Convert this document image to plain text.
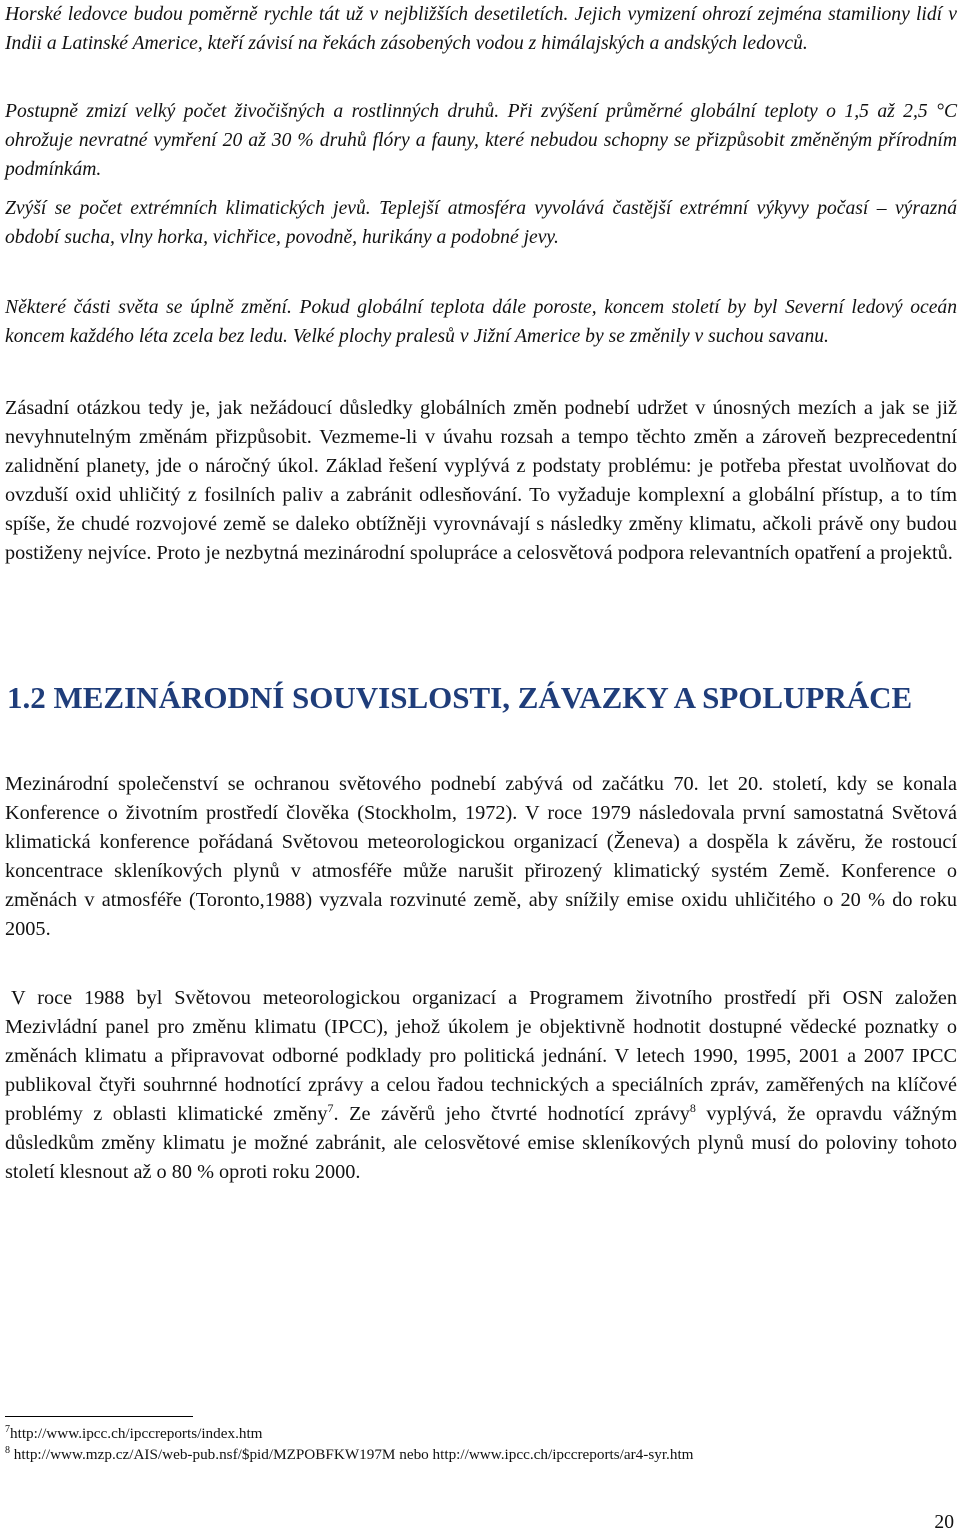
Horské ledovce budou poměrně rychle tát už v nejbližších desetiletích. Jejich vymizení ohrozí zejména stamiliony lidí v Indii a Latinské Americe, kteří závisí na řekách zásobených vodou z himálajských a andských ledovců.

Postupně zmizí velký počet živočišných a rostlinných druhů. Při zvýšení průměrné globální teploty o 1,5 až 2,5 °C ohrožuje nevratné vymření 20 až 30 % druhů flóry a fauny, které nebudou schopny se přizpůsobit změněným přírodním podmínkám.

Zvýší se počet extrémních klimatických jevů. Teplejší atmosféra vyvolává častější extrémní výkyvy počasí – výrazná období sucha, vlny horka, vichřice, povodně, hurikány a podobné jevy.

Některé části světa se úplně změní. Pokud globální teplota dále poroste, koncem století by byl Severní ledový oceán koncem každého léta zcela bez ledu. Velké plochy pralesů v Jižní Americe by se změnily v suchou savanu.

Zásadní otázkou tedy je, jak nežádoucí důsledky globálních změn podnebí udržet v únosných mezích a jak se již nevyhnutelným změnám přizpůsobit. Vezmeme-li v úvahu rozsah a tempo těchto změn a zároveň bezprecedentní zalidnění planety, jde o náročný úkol. Základ řešení vyplývá z podstaty problému: je potřeba přestat uvolňovat do ovzduší oxid uhličitý z fosilních paliv a zabránit odlesňování. To vyžaduje komplexní a globální přístup, a to tím spíše, že chudé rozvojové země se daleko obtížněji vyrovnávají s následky změny klimatu, ačkoli právě ony budou postiženy nejvíce. Proto je nezbytná mezinárodní spolupráce a celosvětová podpora relevantních opatření a projektů.

Mezinárodní společenství se ochranou světového podnebí zabývá od začátku 70. let 20. století, kdy se konala Konference o životním prostředí člověka (Stockholm, 1972). V roce 1979 následovala první samostatná Světová klimatická konference pořádaná Světovou meteorologickou organizací (Ženeva) a dospěla k závěru, že rostoucí koncentrace skleníkových plynů v atmosféře může narušit přirozený klimatický systém Země. Konference o změnách v atmosféře (Toronto,1988) vyzvala rozvinuté země, aby snížily emise oxidu uhličitého o 20 % do roku 2005.

V roce 1988 byl Světovou meteorologickou organizací a Programem životního prostředí při OSN založen Mezivládní panel pro změnu klimatu (IPCC), jehož úkolem je objektivně hodnotit dostupné vědecké poznatky o změnách klimatu a připravovat odborné podklady pro politická jednání. V letech 1990, 1995, 2001 a 2007 IPCC publikoval čtyři souhrnné hodnotící zprávy a celou řadou technických a speciálních zpráv, zaměřených na klíčové problémy z oblasti klimatické změny$^7$. Ze závěrů jeho čtvrté hodnotící zprávy$^8$ vyplývá, že opravdu vážným důsledkům změny klimatu je možné zabránit, ale celosvětové emise skleníkových plynů musí do poloviny tohoto století klesnout až o 80 % oproti roku 2000.

1.2 MEZINÁRODNÍ SOUVISLOSTI, ZÁVAZKY A SPOLUPRÁCE
$^7$http://www.ipcc.ch/ipccreports/index.htm
$^8$ http://www.mzp.cz/AIS/web-pub.nsf/$pid/MZPOBFKW197M nebo http://www.ipcc.ch/ipccreports/ar4-syr.htm
20
